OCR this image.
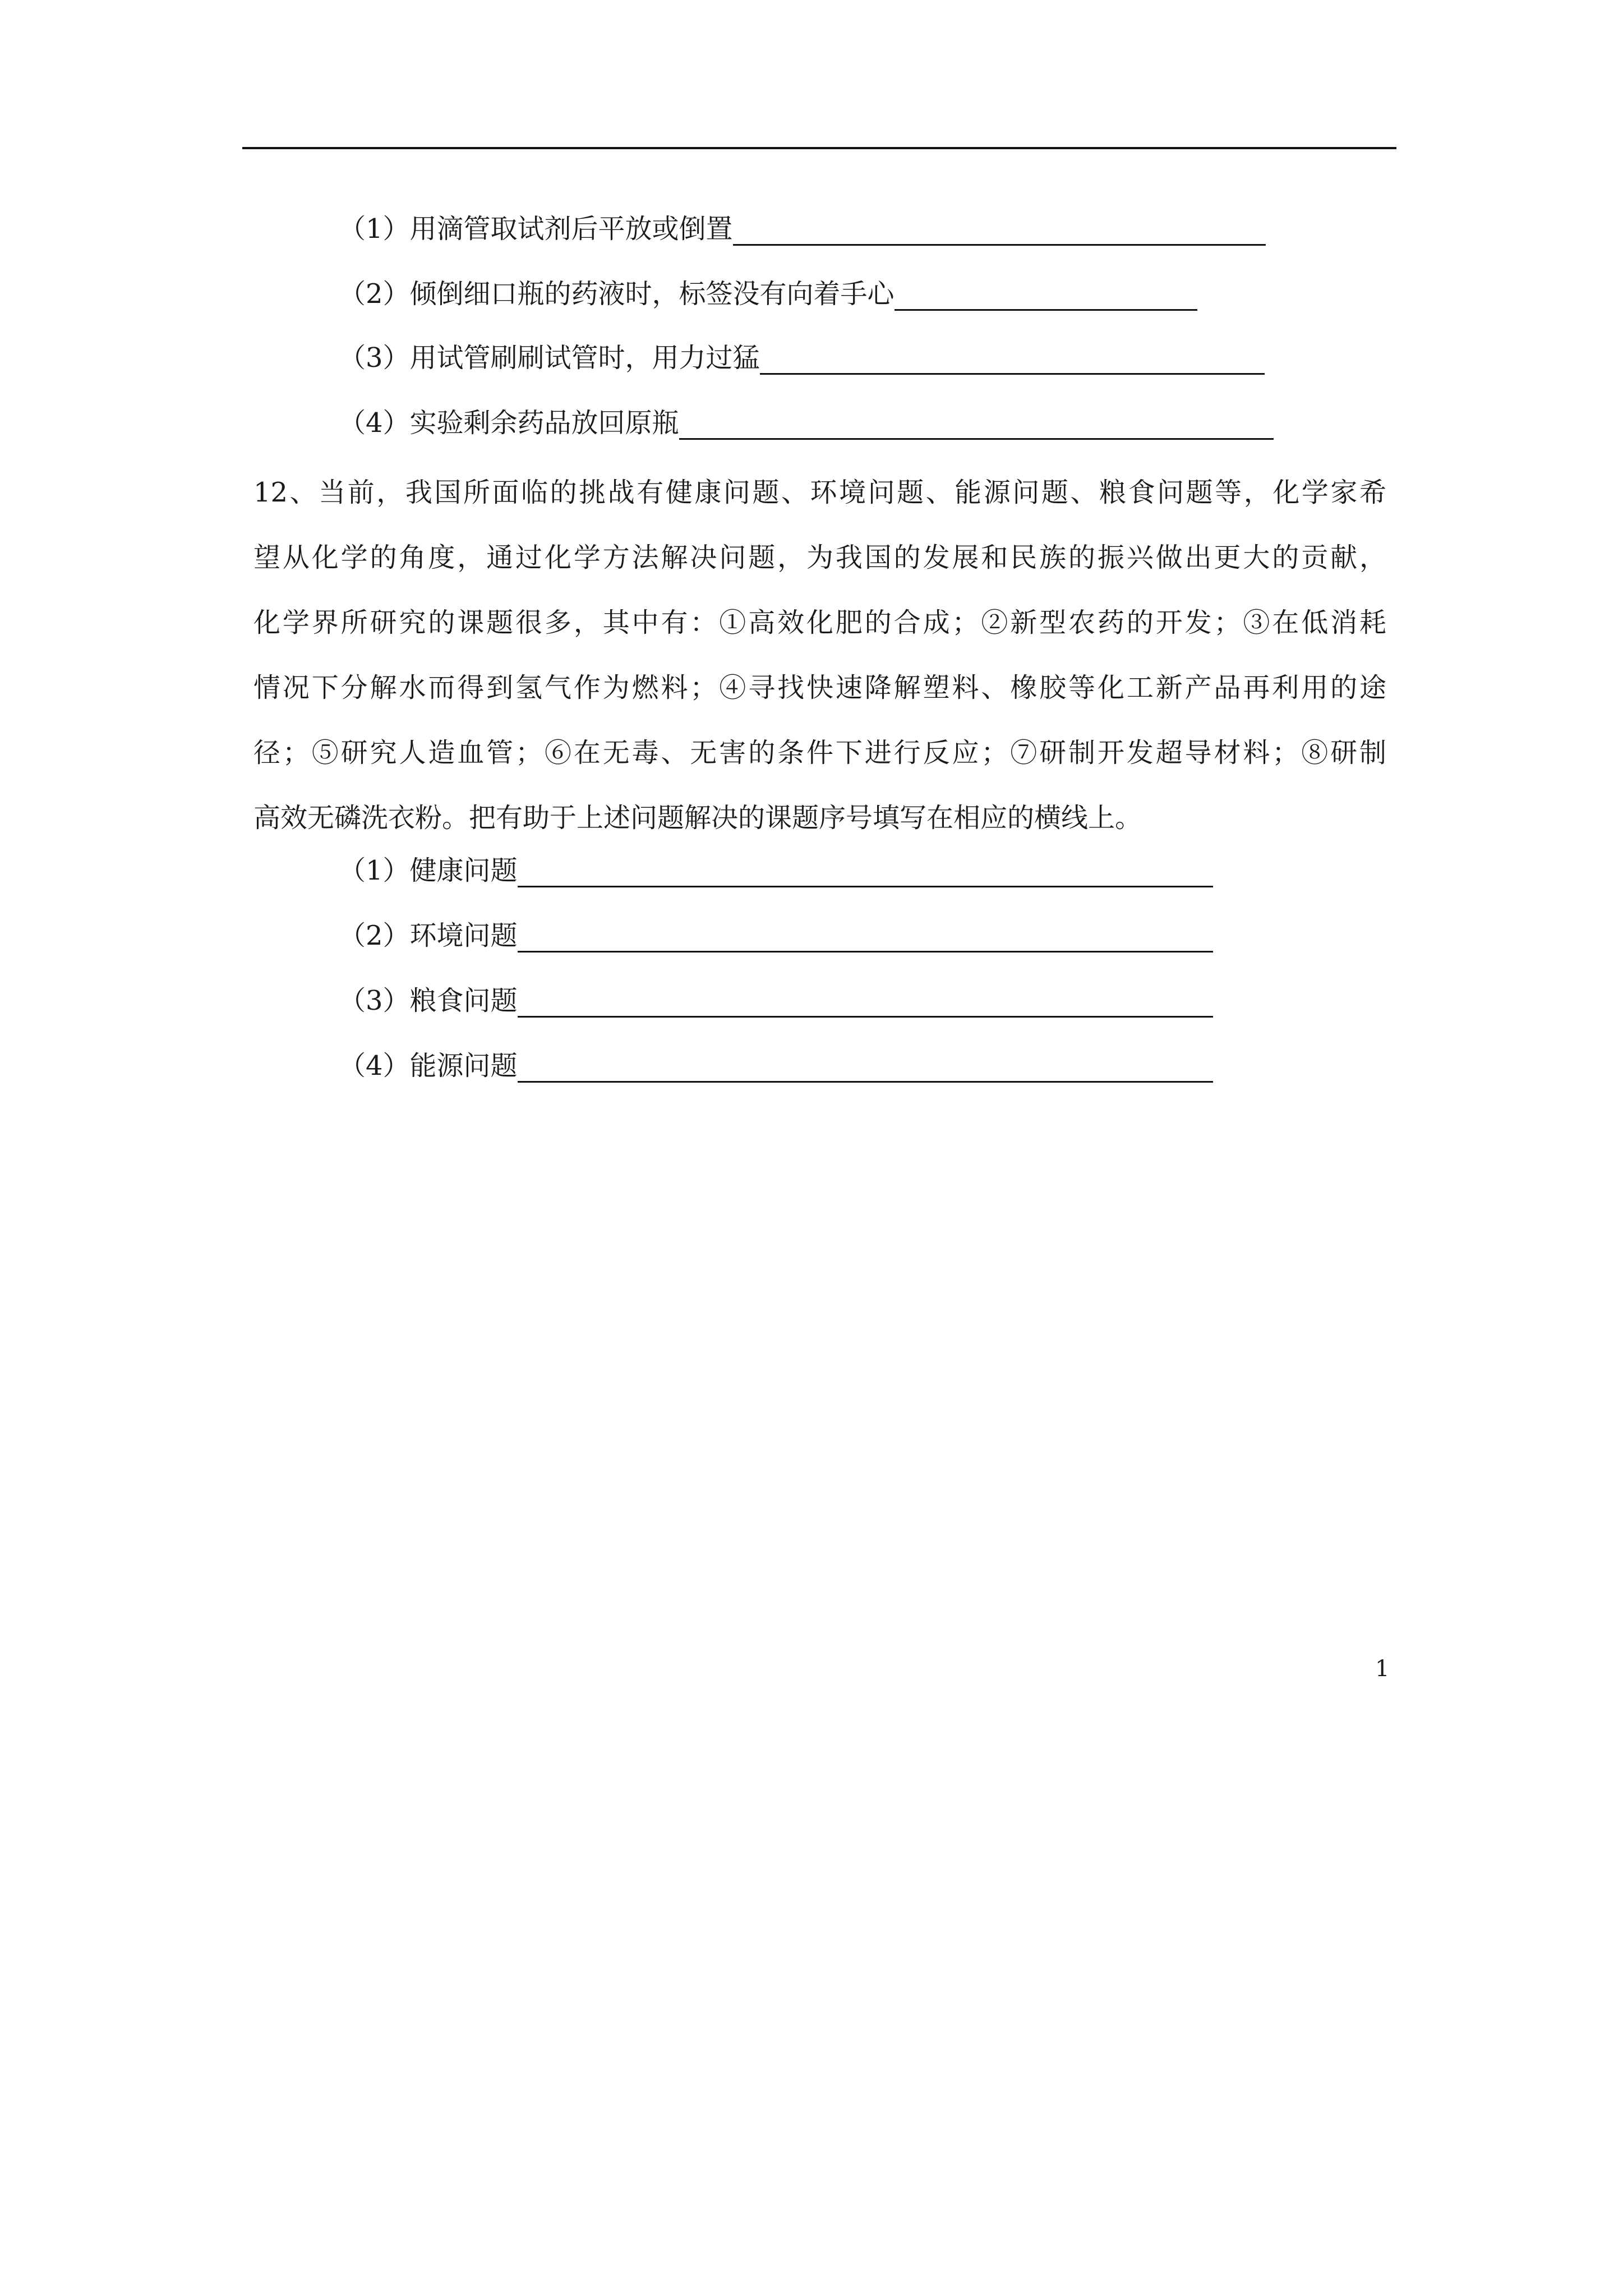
（1）用滴管取试剂后平放或倒置
（2）倾倒细口瓶的药液时，标签没有向着手心
（3）用试管刷刷试管时，用力过猛
（4）实验剩余药品放回原瓶
12、当前，我国所面临的挑战有健康问题、环境问题、能源问题、粮食问题等，化学家希
望从化学的角度，通过化学方法解决问题，为我国的发展和民族的振兴做出更大的贡献，
化学界所研究的课题很多，其中有：①高效化肥的合成；②新型农药的开发；③在低消耗
情况下分解水而得到氢气作为燃料；④寻找快速降解塑料、橡胶等化工新产品再利用的途
径；⑤研究人造血管；⑥在无毒、无害的条件下进行反应；⑦研制开发超导材料；⑧研制
高效无磷洗衣粉。把有助于上述问题解决的课题序号填写在相应的横线上。
（1）健康问题
（2）环境问题
（3）粮食问题
（4）能源问题
1
